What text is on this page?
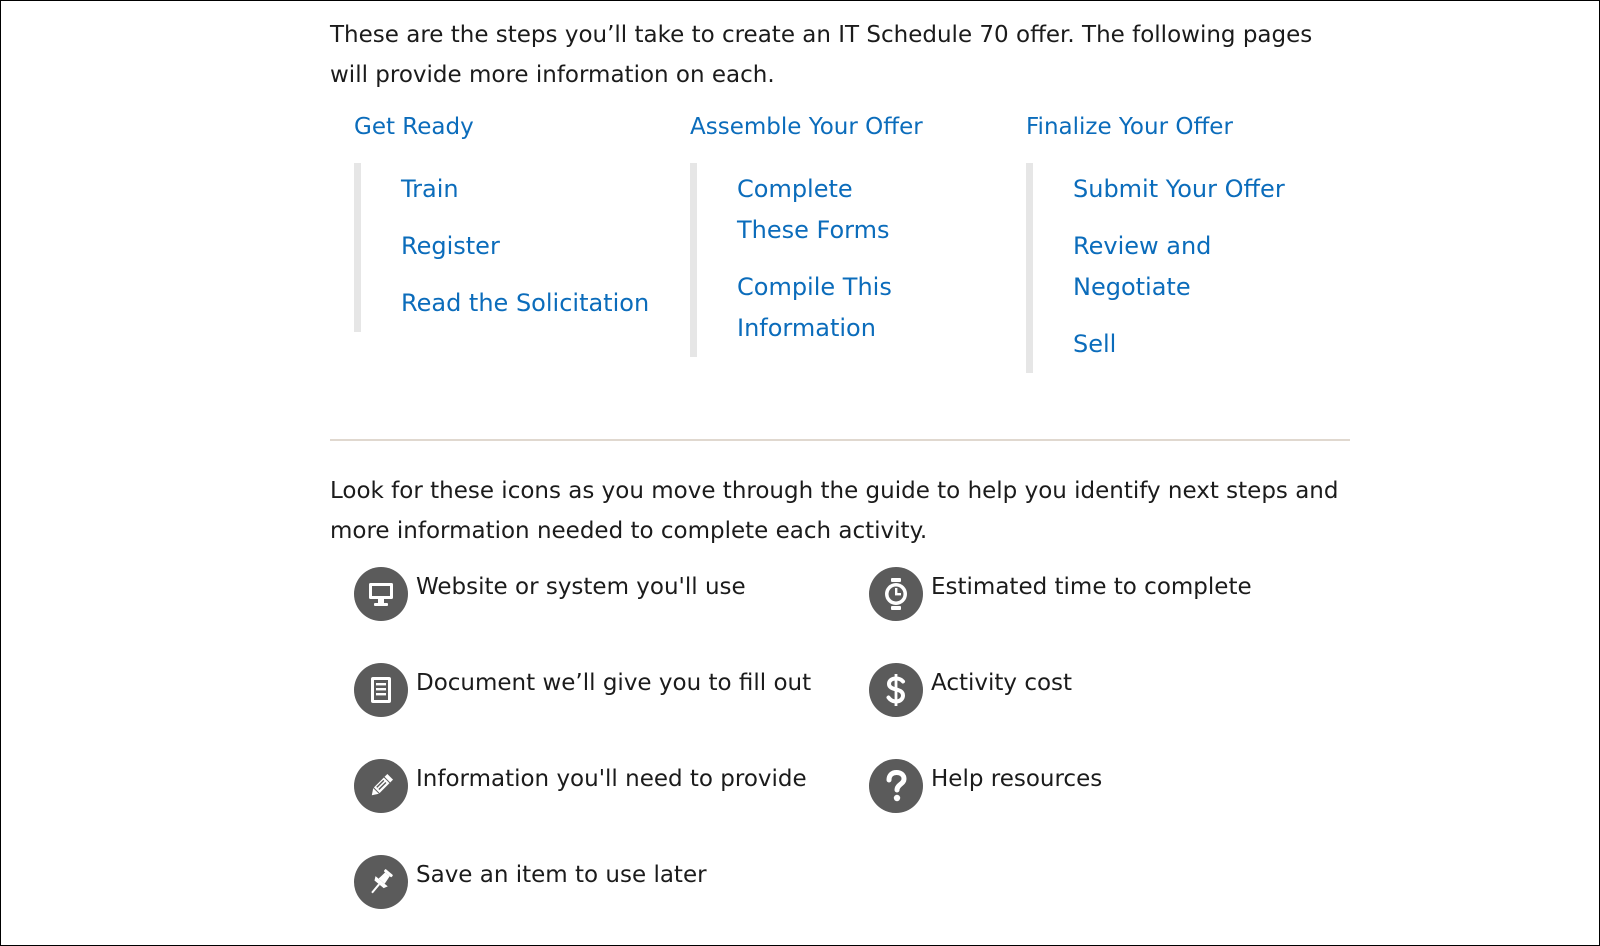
These are the steps you’ll take to create an IT Schedule 70 offer. The following pages will provide more information on each.

Get Ready
Train
Register
Read the Solicitation
Assemble Your Offer
Complete These Forms
Compile This Information
Finalize Your Offer
Submit Your Offer
Review and Negotiate
Sell

Look for these icons as you move through the guide to help you identify next steps and more information needed to complete each activity.

Website or system you'll use	Estimated time to complete
Document we’ll give you to fill out	Activity cost
Information you'll need to provide	Help resources
Save an item to use later
